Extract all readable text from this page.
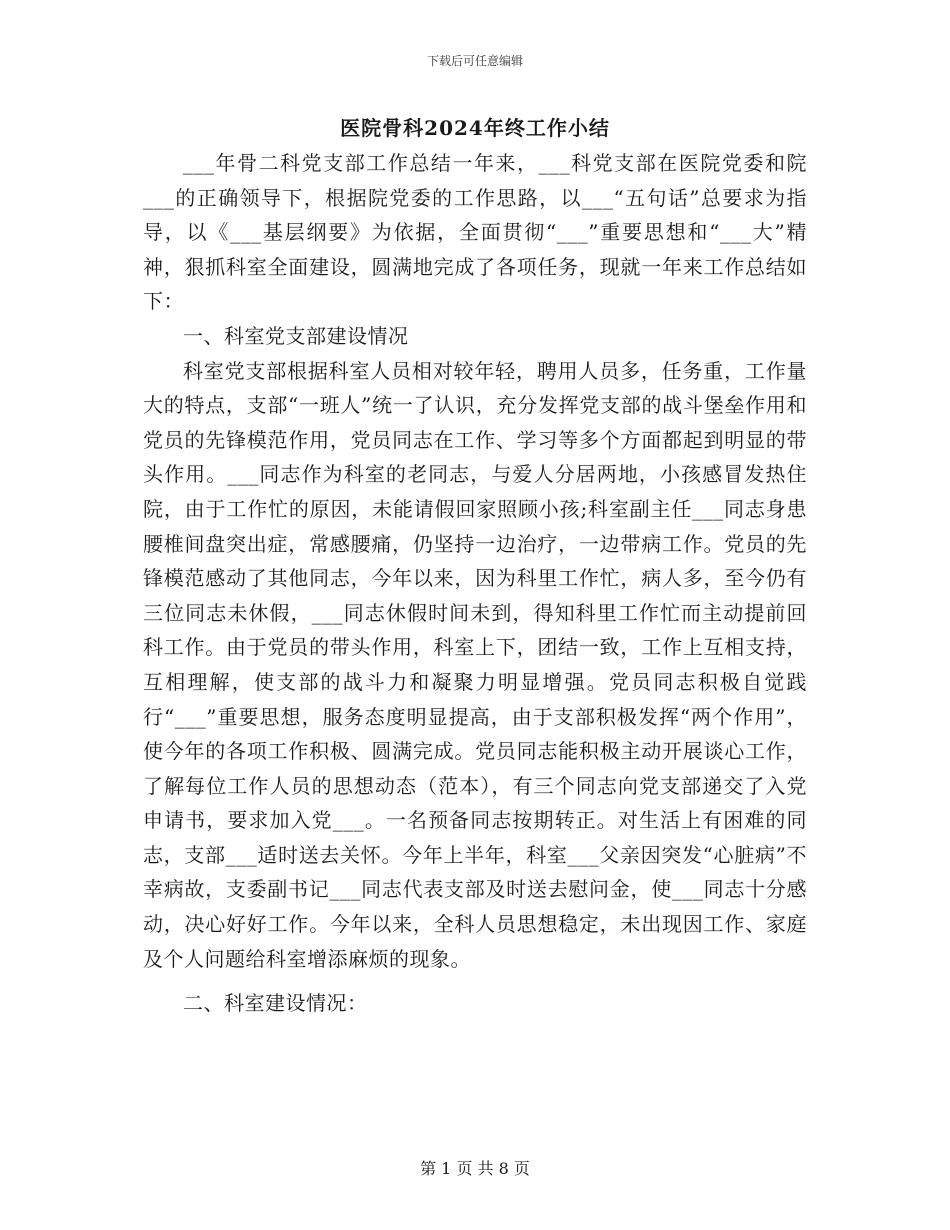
下载后可任意编辑
医院骨科2024年终工作小结

___年骨二科党支部工作总结一年来，___科党支部在医院党委和院___的正确领导下，根据院党委的工作思路，以___“五句话”总要求为指导，以《___基层纲要》为依据，全面贯彻“___”重要思想和“___大”精神，狠抓科室全面建设，圆满地完成了各项任务，现就一年来工作总结如下：

一、科室党支部建设情况

科室党支部根据科室人员相对较年轻，聘用人员多，任务重，工作量大的特点，支部“一班人”统一了认识，充分发挥党支部的战斗堡垒作用和党员的先锋模范作用，党员同志在工作、学习等多个方面都起到明显的带头作用。___同志作为科室的老同志，与爱人分居两地，小孩感冒发热住院，由于工作忙的原因，未能请假回家照顾小孩;科室副主任___同志身患腰椎间盘突出症，常感腰痛，仍坚持一边治疗，一边带病工作。党员的先锋模范感动了其他同志，今年以来，因为科里工作忙，病人多，至今仍有三位同志未休假，___同志休假时间未到，得知科里工作忙而主动提前回科工作。由于党员的带头作用，科室上下，团结一致，工作上互相支持，互相理解，使支部的战斗力和凝聚力明显增强。党员同志积极自觉践行“___”重要思想，服务态度明显提高，由于支部积极发挥“两个作用”，使今年的各项工作积极、圆满完成。党员同志能积极主动开展谈心工作，了解每位工作人员的思想动态（范本），有三个同志向党支部递交了入党申请书，要求加入党___。一名预备同志按期转正。对生活上有困难的同志，支部___适时送去关怀。今年上半年，科室___父亲因突发“心脏病”不幸病故，支委副书记___同志代表支部及时送去慰问金，使___同志十分感动，决心好好工作。今年以来，全科人员思想稳定，未出现因工作、家庭及个人问题给科室增添麻烦的现象。

二、科室建设情况：

第 1 页 共 8 页
